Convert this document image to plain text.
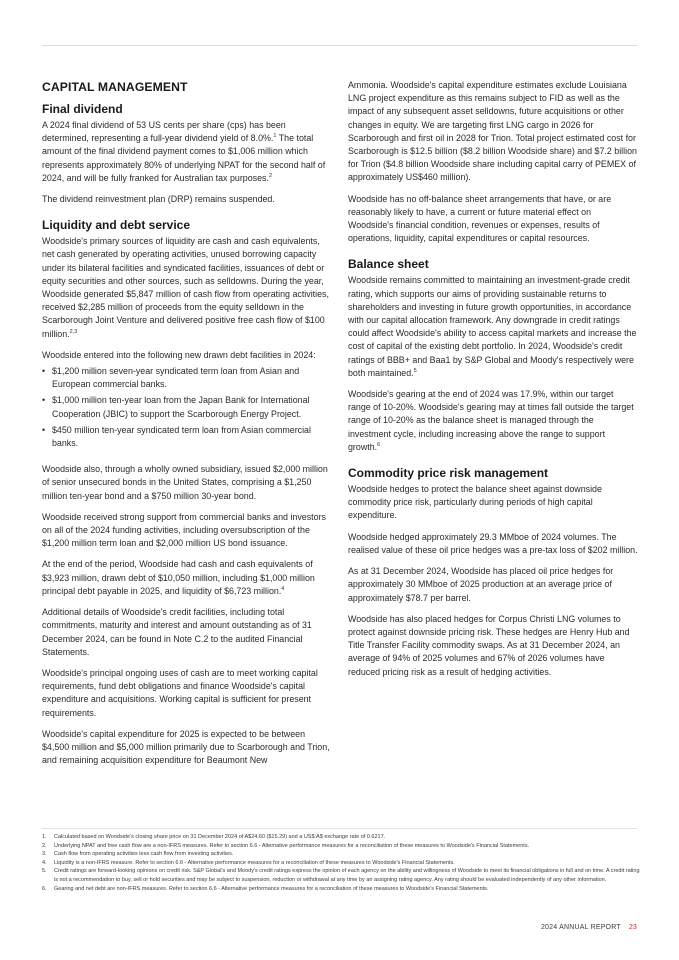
CAPITAL MANAGEMENT
Final dividend

A 2024 final dividend of 53 US cents per share (cps) has been determined, representing a full-year dividend yield of 8.0%.$^1$ The total amount of the final dividend payment comes to $1,006 million which represents approximately 80% of underlying NPAT for the second half of 2024, and will be fully franked for Australian tax purposes.$^2$

The dividend reinvestment plan (DRP) remains suspended.

Liquidity and debt service

Woodside's primary sources of liquidity are cash and cash equivalents, net cash generated by operating activities, unused borrowing capacity under its bilateral facilities and syndicated facilities, issuances of debt or equity securities and other sources, such as selldowns. During the year, Woodside generated $5,847 million of cash flow from operating activities, received $2,285 million of proceeds from the equity selldown in the Scarborough Joint Venture and delivered positive free cash flow of $100 million.$^{2,3}$

Woodside entered into the following new drawn debt facilities in 2024:

• $1,200 million seven-year syndicated term loan from Asian and European commercial banks.
• $1,000 million ten-year loan from the Japan Bank for International Cooperation (JBIC) to support the Scarborough Energy Project.
• $450 million ten-year syndicated term loan from Asian commercial banks.

Woodside also, through a wholly owned subsidiary, issued $2,000 million of senior unsecured bonds in the United States, comprising a $1,250 million ten-year bond and a $750 million 30-year bond.

Woodside received strong support from commercial banks and investors on all of the 2024 funding activities, including oversubscription of the $1,200 million term loan and $2,000 million US bond issuance.

At the end of the period, Woodside had cash and cash equivalents of $3,923 million, drawn debt of $10,050 million, including $1,000 million principal debt payable in 2025, and liquidity of $6,723 million.$^4$

Additional details of Woodside's credit facilities, including total commitments, maturity and interest and amount outstanding as of 31 December 2024, can be found in Note C.2 to the audited Financial Statements.

Woodside's principal ongoing uses of cash are to meet working capital requirements, fund debt obligations and finance Woodside's capital expenditure and acquisitions. Working capital is sufficient for present requirements.

Woodside's capital expenditure for 2025 is expected to be between $4,500 million and $5,000 million primarily due to Scarborough and Trion, and remaining acquisition expenditure for Beaumont New

Ammonia. Woodside's capital expenditure estimates exclude Louisiana LNG project expenditure as this remains subject to FID as well as the impact of any subsequent asset selldowns, future acquisitions or other changes in equity. We are targeting first LNG cargo in 2026 for Scarborough and first oil in 2028 for Trion. Total project estimated cost for Scarborough is $12.5 billion ($8.2 billion Woodside share) and $7.2 billion for Trion ($4.8 billion Woodside share including capital carry of PEMEX of approximately US$460 million).

Woodside has no off-balance sheet arrangements that have, or are reasonably likely to have, a current or future material effect on Woodside's financial condition, revenues or expenses, results of operations, liquidity, capital expenditures or capital resources.

Balance sheet

Woodside remains committed to maintaining an investment-grade credit rating, which supports our aims of providing sustainable returns to shareholders and investing in future growth opportunities, in accordance with our capital allocation framework. Any downgrade in credit ratings could affect Woodside's ability to access capital markets and increase the cost of capital of the existing debt portfolio. In 2024, Woodside's credit ratings of BBB+ and Baa1 by S&P Global and Moody's respectively were both maintained.$^5$

Woodside's gearing at the end of 2024 was 17.9%, within our target range of 10-20%. Woodside's gearing may at times fall outside the target range of 10-20% as the balance sheet is managed through the investment cycle, including increasing above the range to support growth.$^6$

Commodity price risk management

Woodside hedges to protect the balance sheet against downside commodity price risk, particularly during periods of high capital expenditure.

Woodside hedged approximately 29.3 MMboe of 2024 volumes. The realised value of these oil price hedges was a pre-tax loss of $202 million.

As at 31 December 2024, Woodside has placed oil price hedges for approximately 30 MMboe of 2025 production at an average price of approximately $78.7 per barrel.

Woodside has also placed hedges for Corpus Christi LNG volumes to protect against downside pricing risk. These hedges are Henry Hub and Title Transfer Facility commodity swaps. As at 31 December 2024, an average of 94% of 2025 volumes and 67% of 2026 volumes have reduced pricing risk as a result of hedging activities.

1. Calculated based on Woodside's closing share price on 31 December 2024 of A$24.60 ($15.29) and a US$:A$ exchange rate of 0.6217.
2. Underlying NPAT and free cash flow are a non-IFRS measures. Refer to section 6.6 - Alternative performance measures for a reconciliation of these measures to Woodside's Financial Statements.
3. Cash flow from operating activities less cash flow from investing activities.
4. Liquidity is a non-IFRS measure. Refer to section 6.6 - Alternative performance measures for a reconciliation of these measures to Woodside's Financial Statements.
5. Credit ratings are forward-looking opinions on credit risk. S&P Global's and Moody's credit ratings express the opinion of each agency on the ability and willingness of Woodside to meet its financial obligations in full and on time. A credit rating is not a recommendation to buy, sell or hold securities and may be subject to suspension, reduction or withdrawal at any time by an assigning rating agency. Any rating should be evaluated independently of any other information.
6. Gearing and net debt are non-IFRS measures. Refer to section 6.6 - Alternative performance measures for a reconciliation of these measures to Woodside's Financial Statements.
2024 ANNUAL REPORT 23
